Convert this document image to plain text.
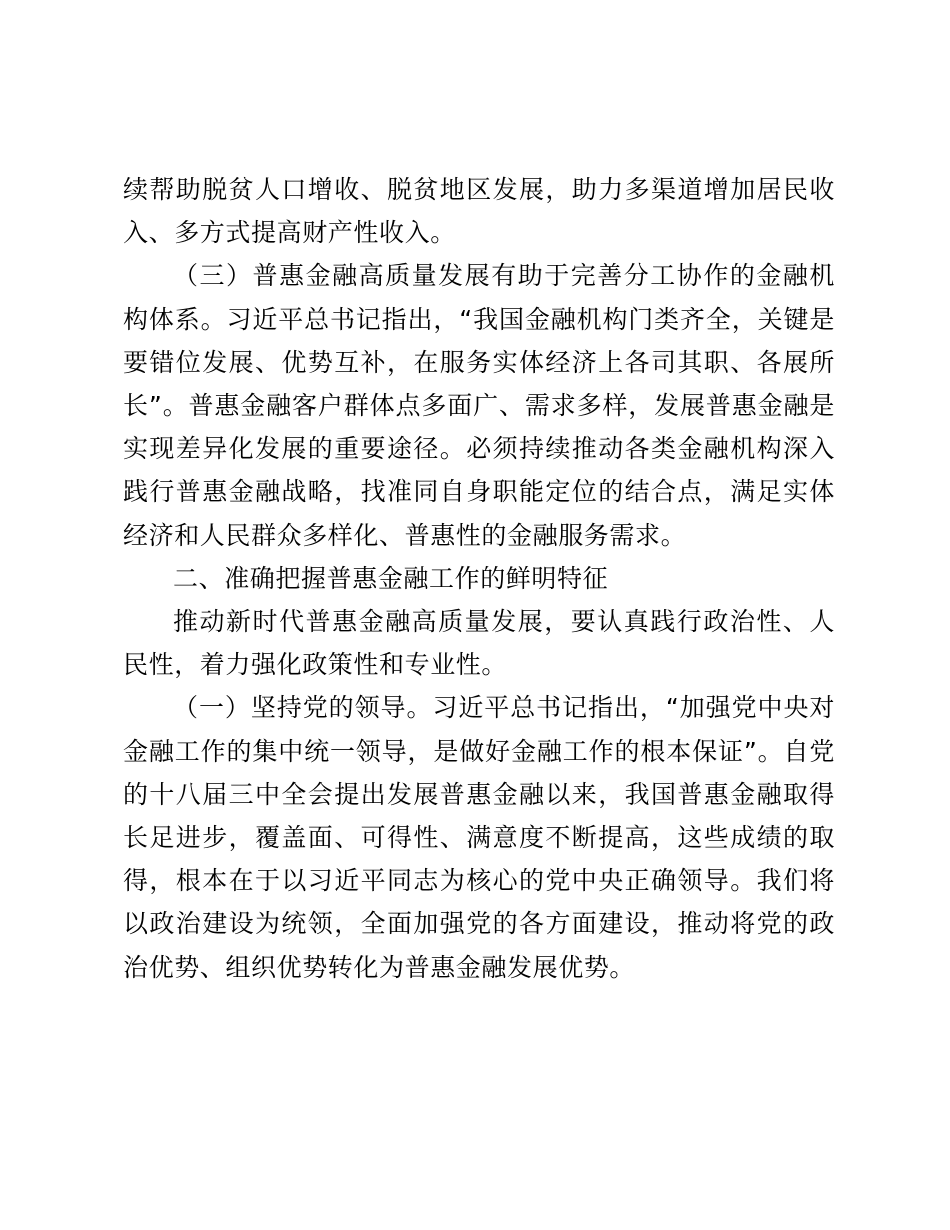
续帮助脱贫人口增收、脱贫地区发展，助力多渠道增加居民收入、多方式提高财产性收入。

（三）普惠金融高质量发展有助于完善分工协作的金融机构体系。习近平总书记指出，“我国金融机构门类齐全，关键是要错位发展、优势互补，在服务实体经济上各司其职、各展所长”。普惠金融客户群体点多面广、需求多样，发展普惠金融是实现差异化发展的重要途径。必须持续推动各类金融机构深入践行普惠金融战略，找准同自身职能定位的结合点，满足实体经济和人民群众多样化、普惠性的金融服务需求。

二、准确把握普惠金融工作的鲜明特征

推动新时代普惠金融高质量发展，要认真践行政治性、人民性，着力强化政策性和专业性。

（一）坚持党的领导。习近平总书记指出，“加强党中央对金融工作的集中统一领导，是做好金融工作的根本保证”。自党的十八届三中全会提出发展普惠金融以来，我国普惠金融取得长足进步，覆盖面、可得性、满意度不断提高，这些成绩的取得，根本在于以习近平同志为核心的党中央正确领导。我们将以政治建设为统领，全面加强党的各方面建设，推动将党的政治优势、组织优势转化为普惠金融发展优势。
